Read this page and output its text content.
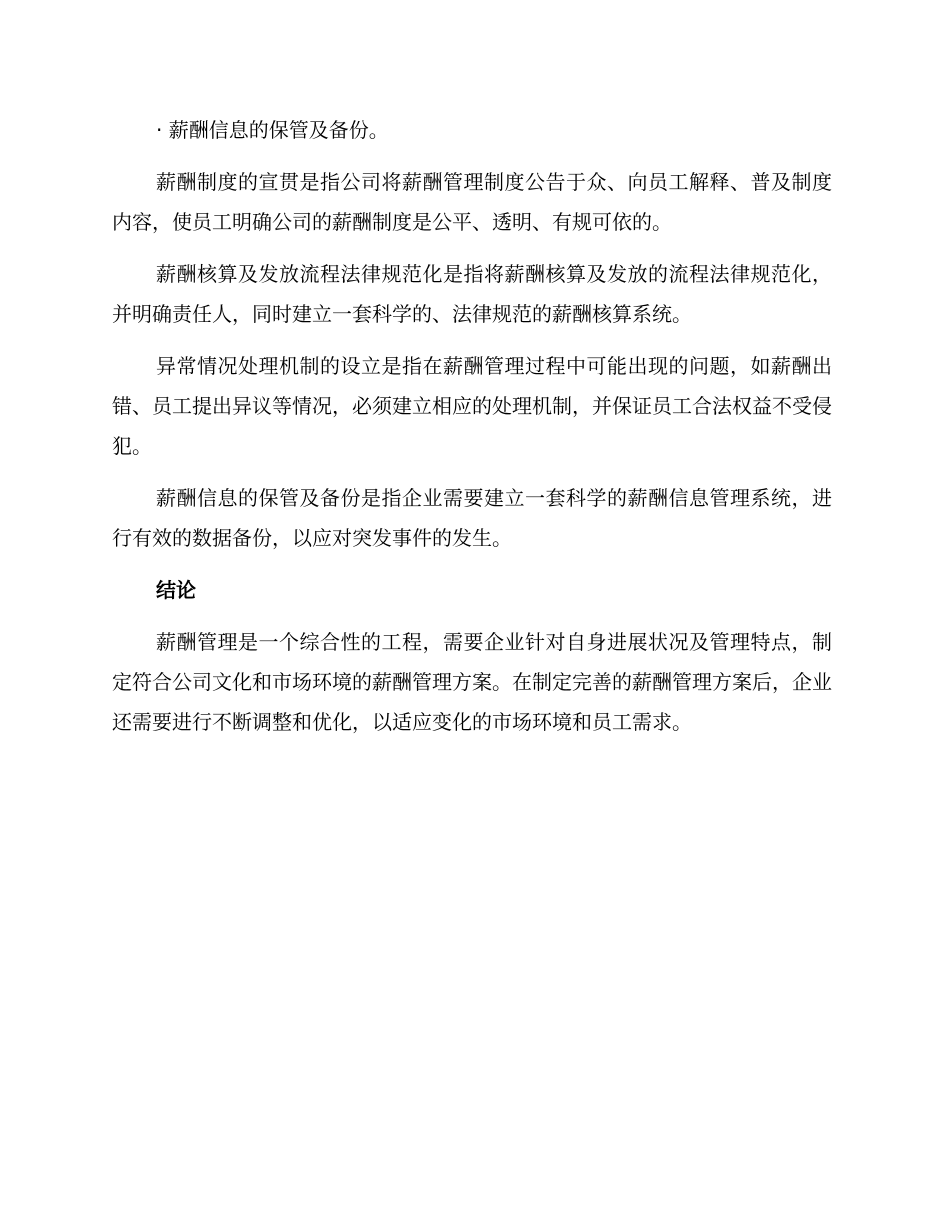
· 薪酬信息的保管及备份。

薪酬制度的宣贯是指公司将薪酬管理制度公告于众、向员工解释、普及制度内容，使员工明确公司的薪酬制度是公平、透明、有规可依的。

薪酬核算及发放流程法律规范化是指将薪酬核算及发放的流程法律规范化，并明确责任人，同时建立一套科学的、法律规范的薪酬核算系统。

异常情况处理机制的设立是指在薪酬管理过程中可能出现的问题，如薪酬出错、员工提出异议等情况，必须建立相应的处理机制，并保证员工合法权益不受侵犯。

薪酬信息的保管及备份是指企业需要建立一套科学的薪酬信息管理系统，进行有效的数据备份，以应对突发事件的发生。

结论

薪酬管理是一个综合性的工程，需要企业针对自身进展状况及管理特点，制定符合公司文化和市场环境的薪酬管理方案。在制定完善的薪酬管理方案后，企业还需要进行不断调整和优化，以适应变化的市场环境和员工需求。
